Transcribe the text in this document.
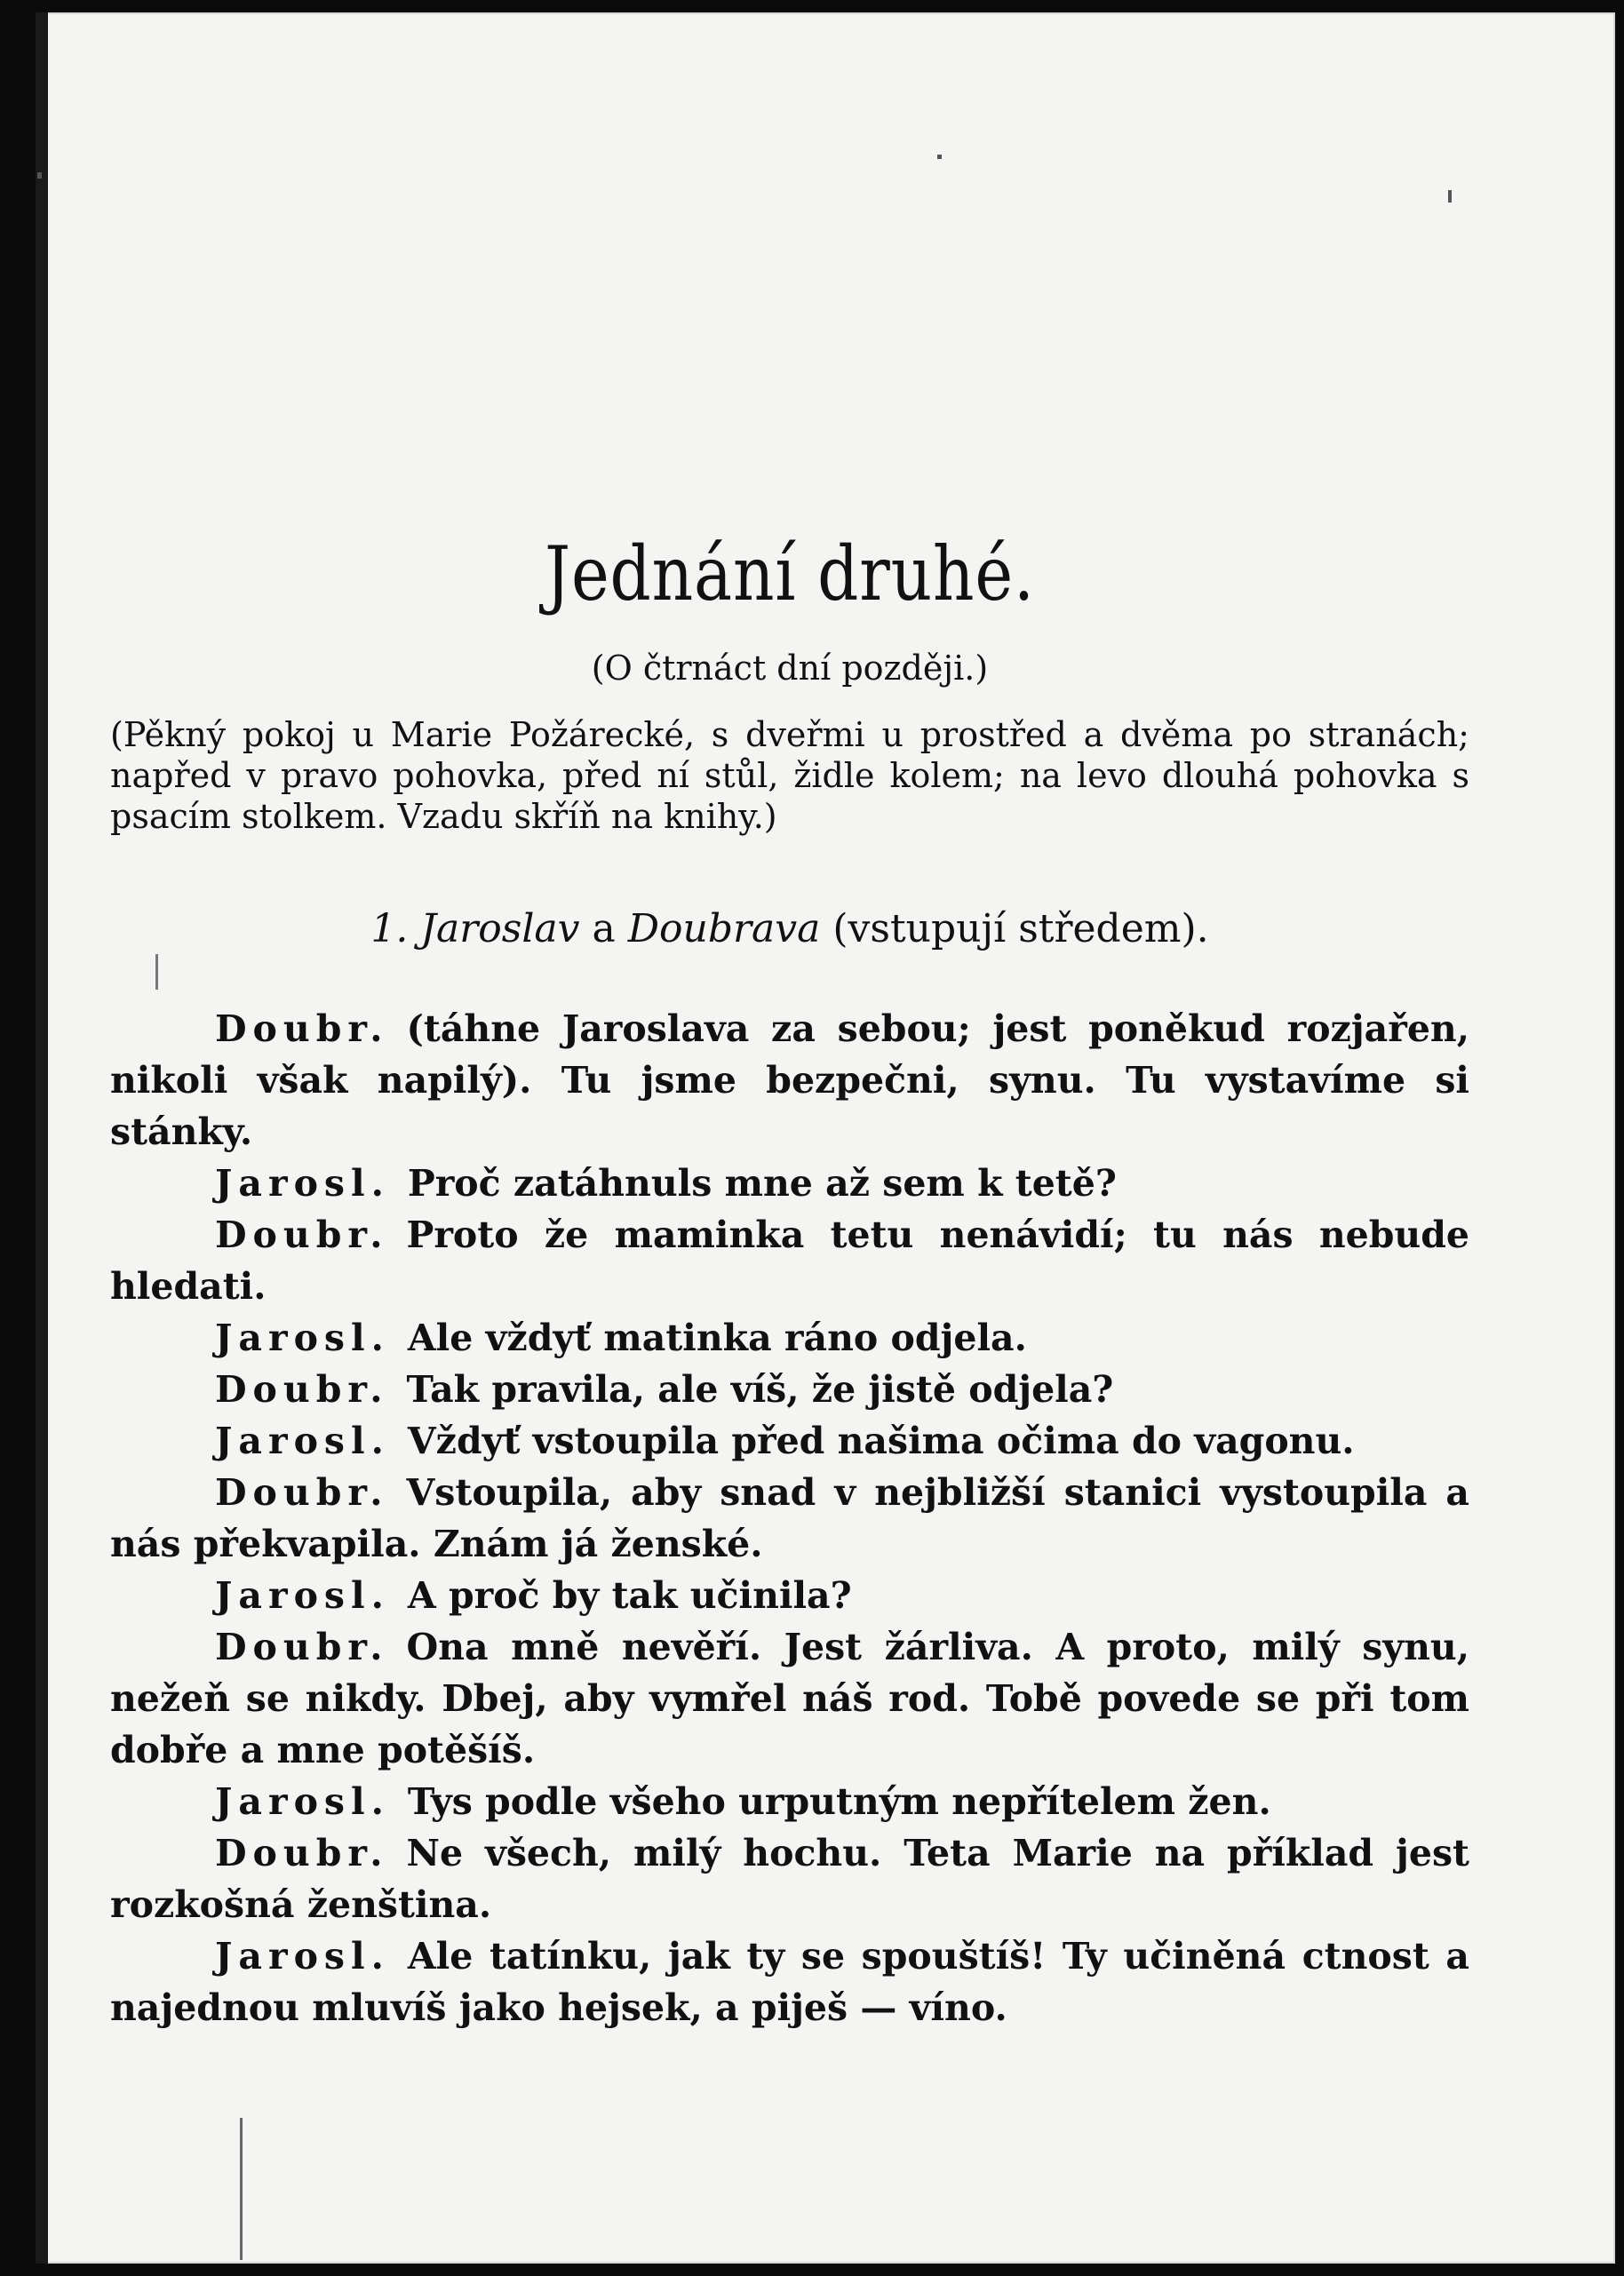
Jednání druhé.
(O čtrnáct dní později.)
(Pěkný pokoj u Marie Požárecké, s dveřmi u prostřed a dvěma po stranách; napřed v pravo pohovka, před ní stůl, židle kolem; na levo dlouhá pohovka s psacím stolkem. Vzadu skříň na knihy.)
1. Jaroslav a Doubrava (vstupují středem).

Doubr. (táhne Jaroslava za sebou; jest poněkud rozjařen, nikoli však napilý). Tu jsme bezpečni, synu. Tu vystavíme si stánky.

Jarosl. Proč zatáhnuls mne až sem k tetě?

Doubr. Proto že maminka tetu nenávidí; tu nás nebude hledati.

Jarosl. Ale vždyť matinka ráno odjela.

Doubr. Tak pravila, ale víš, že jistě odjela?

Jarosl. Vždyť vstoupila před našima očima do vagonu.

Doubr. Vstoupila, aby snad v nejbližší stanici vystoupila a nás překvapila. Znám já ženské.

Jarosl. A proč by tak učinila?

Doubr. Ona mně nevěří. Jest žárliva. A proto, milý synu, nežeň se nikdy. Dbej, aby vymřel náš rod. Tobě povede se při tom dobře a mne potěšíš.

Jarosl. Tys podle všeho urputným nepřítelem žen.

Doubr. Ne všech, milý hochu. Teta Marie na příklad jest rozkošná ženština.

Jarosl. Ale tatínku, jak ty se spouštíš! Ty učiněná ctnost a najednou mluvíš jako hejsek, a piješ — víno.
